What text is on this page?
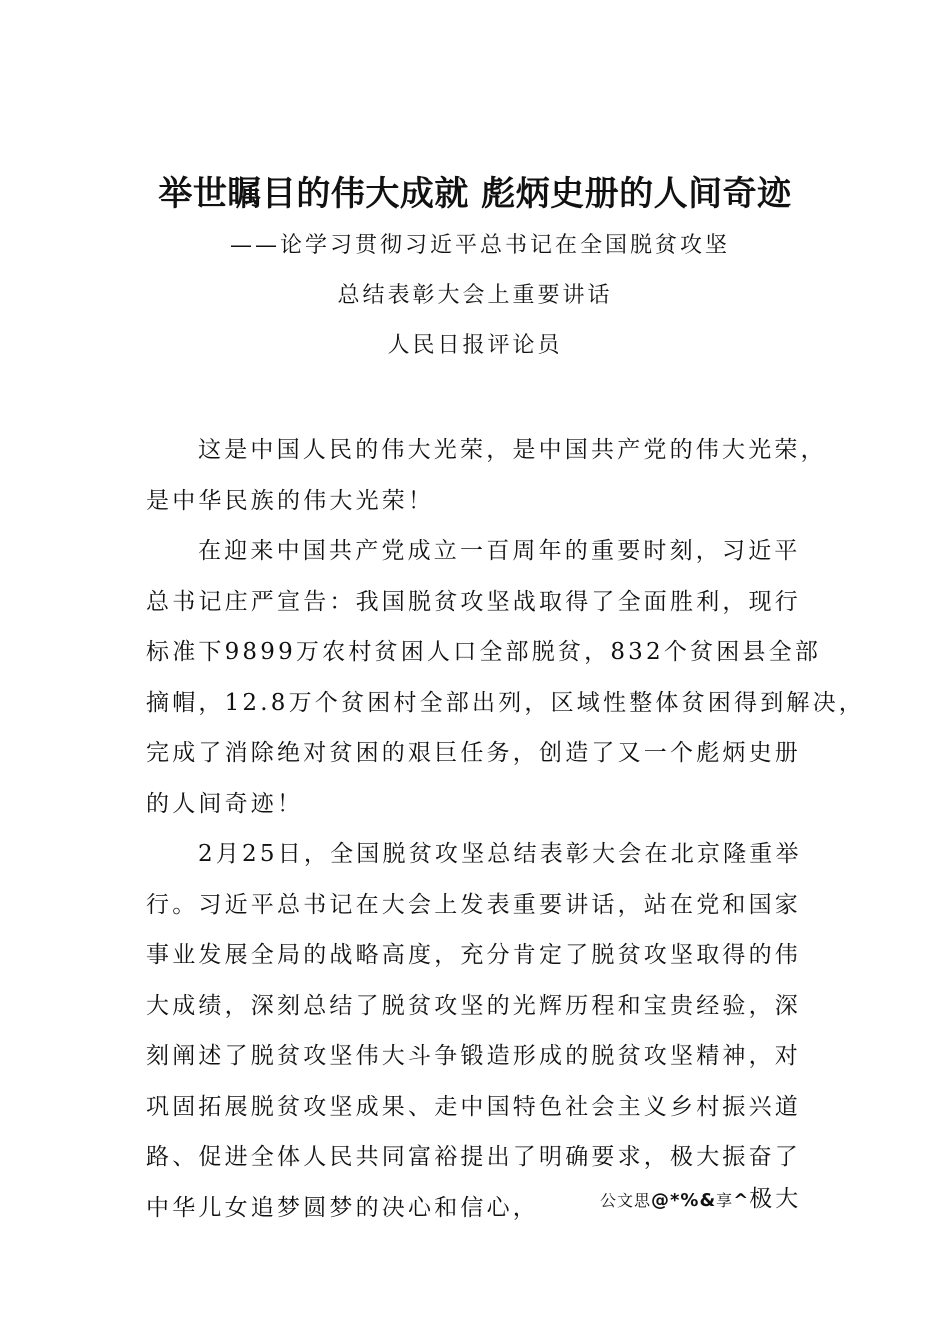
举世瞩目的伟大成就 彪炳史册的人间奇迹
——论学习贯彻习近平总书记在全国脱贫攻坚
总结表彰大会上重要讲话
人民日报评论员
这是中国人民的伟大光荣，是中国共产党的伟大光荣，
是中华民族的伟大光荣！
在迎来中国共产党成立一百周年的重要时刻，习近平
总书记庄严宣告：我国脱贫攻坚战取得了全面胜利，现行
标准下9899万农村贫困人口全部脱贫，832个贫困县全部
摘帽，12.8万个贫困村全部出列，区域性整体贫困得到解决，
完成了消除绝对贫困的艰巨任务，创造了又一个彪炳史册
的人间奇迹！
2月25日，全国脱贫攻坚总结表彰大会在北京隆重举
行。习近平总书记在大会上发表重要讲话，站在党和国家
事业发展全局的战略高度，充分肯定了脱贫攻坚取得的伟
大成绩，深刻总结了脱贫攻坚的光辉历程和宝贵经验，深
刻阐述了脱贫攻坚伟大斗争锻造形成的脱贫攻坚精神，对
巩固拓展脱贫攻坚成果、走中国特色社会主义乡村振兴道
路、促进全体人民共同富裕提出了明确要求，极大振奋了
中华儿女追梦圆梦的决心和信心，	公文思@*%&享^极大
